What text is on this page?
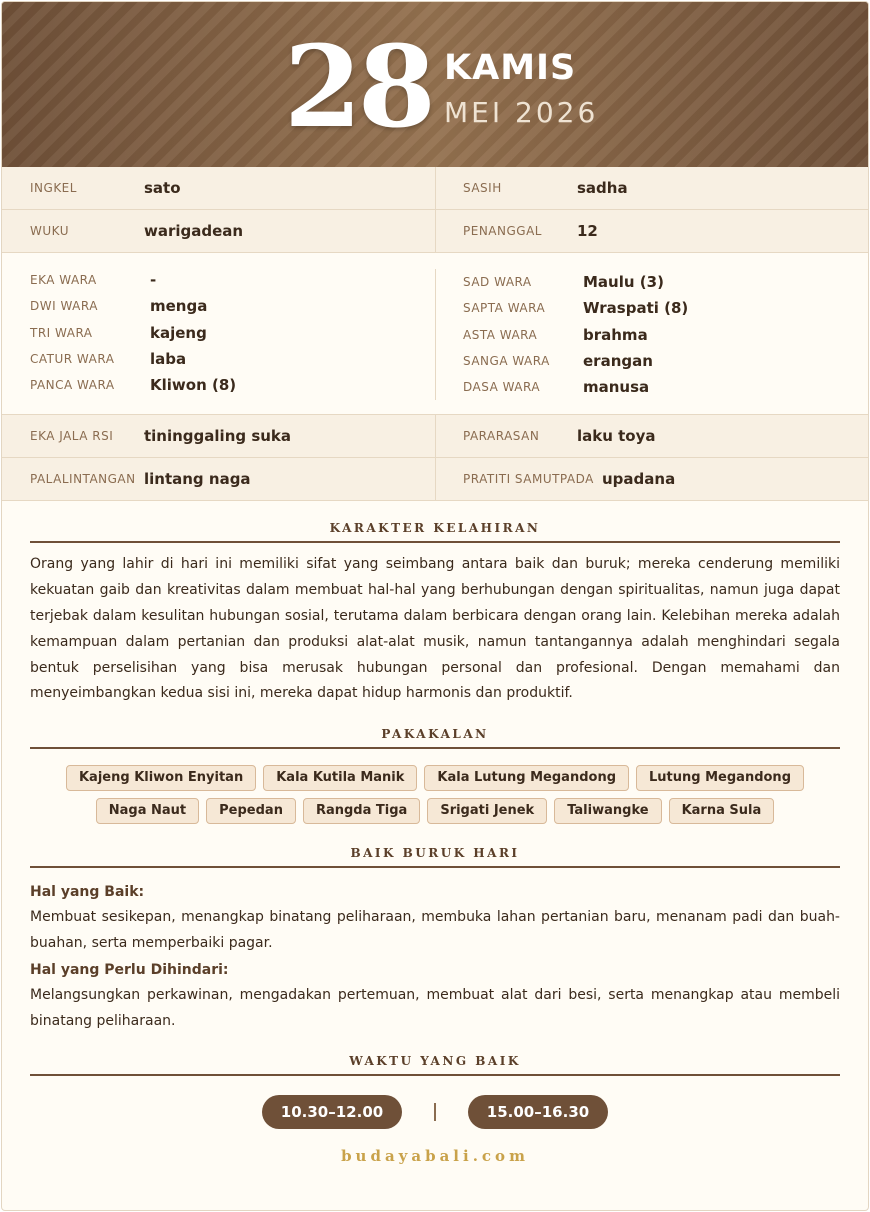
28 KAMIS
MEI 2026
INGKEL	sato	SASIH	sadha
WUKU	warigadean	PENANGGAL	12
EKA WARA	-
DWI WARA	menga
TRI WARA	kajeng
CATUR WARA	laba
PANCA WARA	Kliwon (8)
SAD WARA	Maulu (3)
SAPTA WARA	Wraspati (8)
ASTA WARA	brahma
SANGA WARA	erangan
DASA WARA	manusa
EKA JALA RSI	tininggaling suka	PARARASAN	laku toya
PALALINTANGAN lintang naga	PRATITI SAMUTPADA upadana
KARAKTER KELAHIRAN

Orang yang lahir di hari ini memiliki sifat yang seimbang antara baik dan buruk; mereka cenderung memiliki kekuatan gaib dan kreativitas dalam membuat hal-hal yang berhubungan dengan spiritualitas, namun juga dapat terjebak dalam kesulitan hubungan sosial, terutama dalam berbicara dengan orang lain. Kelebihan mereka adalah kemampuan dalam pertanian dan produksi alat-alat musik, namun tantangannya adalah menghindari segala bentuk perselisihan yang bisa merusak hubungan personal dan profesional. Dengan memahami dan menyeimbangkan kedua sisi ini, mereka dapat hidup harmonis dan produktif.

PAKAKALAN
Kajeng Kliwon Enyitan	Kala Kutila Manik	Kala Lutung Megandong	Lutung Megandong
Naga Naut	Pepedan	Rangda Tiga	Srigati Jenek	Taliwangke	Karna Sula
BAIK BURUK HARI
Hal yang Baik:

Membuat sesikepan, menangkap binatang peliharaan, membuka lahan pertanian baru, menanam padi dan buah-buahan, serta memperbaiki pagar.

Hal yang Perlu Dihindari:

Melangsungkan perkawinan, mengadakan pertemuan, membuat alat dari besi, serta menangkap atau membeli binatang peliharaan.

WAKTU YANG BAIK
10.30–12.00	15.00–16.30
budayabali.com
